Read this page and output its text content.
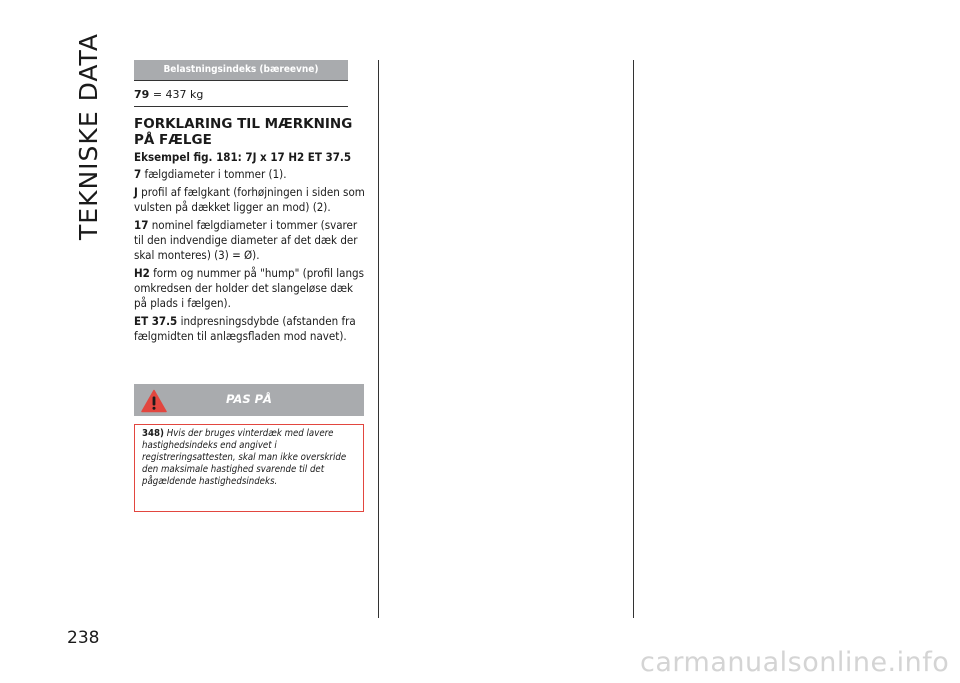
TEKNISKE DATA
238
Belastningsindeks (bæreevne)
79 = 437 kg
FORKLARING TIL MÆRKNING PÅ FÆLGE
Eksempel fig. 181: 7J x 17 H2 ET 37.5

7 fælgdiameter i tommer (1).

J profil af fælgkant (forhøjningen i siden som vulsten på dækket ligger an mod) (2).

17 nominel fælgdiameter i tommer (svarer til den indvendige diameter af det dæk der skal monteres) (3) = Ø).

H2 form og nummer på "hump" (profil langs omkredsen der holder det slangeløse dæk på plads i fælgen).

ET 37.5 indpresningsdybde (afstanden fra fælgmidten til anlægsfladen mod navet).

PAS PÅ
348) Hvis der bruges vinterdæk med lavere hastighedsindeks end angivet i registreringsattesten, skal man ikke overskride den maksimale hastighed svarende til det pågældende hastighedsindeks.
carmanualsonline.info
